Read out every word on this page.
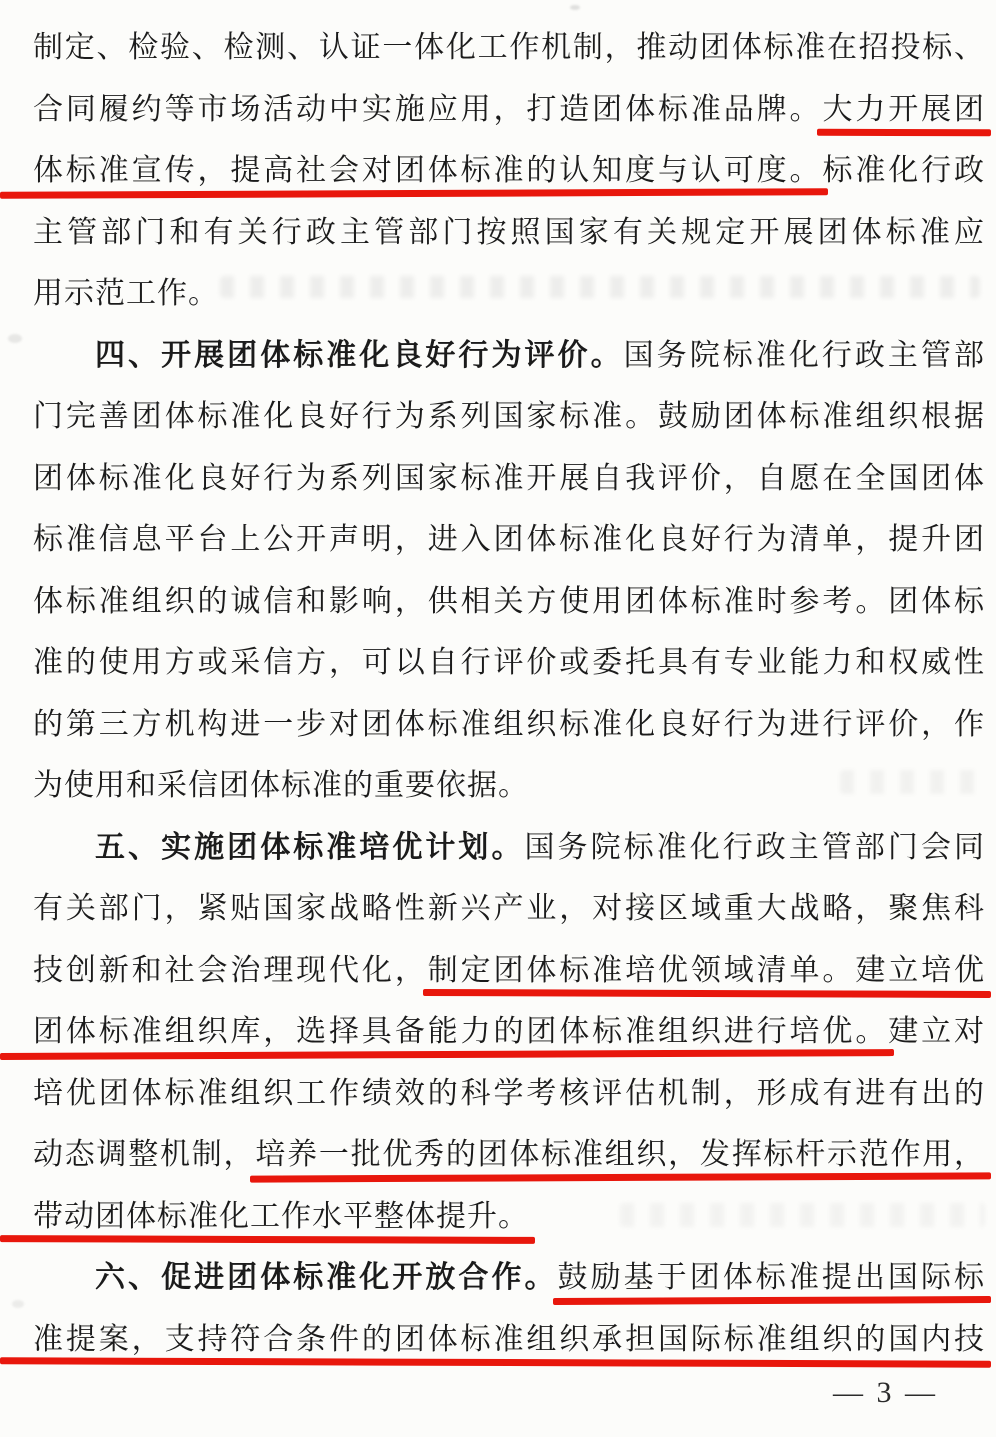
制定、检验、检测、认证一体化工作机制，推动团体标准在招投标、
合同履约等市场活动中实施应用，打造团体标准品牌。大力开展团
体标准宣传，提高社会对团体标准的认知度与认可度。标准化行政
主管部门和有关行政主管部门按照国家有关规定开展团体标准应
用示范工作。
四、开展团体标准化良好行为评价。国务院标准化行政主管部
门完善团体标准化良好行为系列国家标准。鼓励团体标准组织根据
团体标准化良好行为系列国家标准开展自我评价，自愿在全国团体
标准信息平台上公开声明，进入团体标准化良好行为清单，提升团
体标准组织的诚信和影响，供相关方使用团体标准时参考。团体标
准的使用方或采信方，可以自行评价或委托具有专业能力和权威性
的第三方机构进一步对团体标准组织标准化良好行为进行评价，作
为使用和采信团体标准的重要依据。
五、实施团体标准培优计划。国务院标准化行政主管部门会同
有关部门，紧贴国家战略性新兴产业，对接区域重大战略，聚焦科
技创新和社会治理现代化，制定团体标准培优领域清单。建立培优
团体标准组织库，选择具备能力的团体标准组织进行培优。建立对
培优团体标准组织工作绩效的科学考核评估机制，形成有进有出的
动态调整机制，培养一批优秀的团体标准组织，发挥标杆示范作用，
带动团体标准化工作水平整体提升。
六、促进团体标准化开放合作。鼓励基于团体标准提出国际标
准提案，支持符合条件的团体标准组织承担国际标准组织的国内技
— 3 —
